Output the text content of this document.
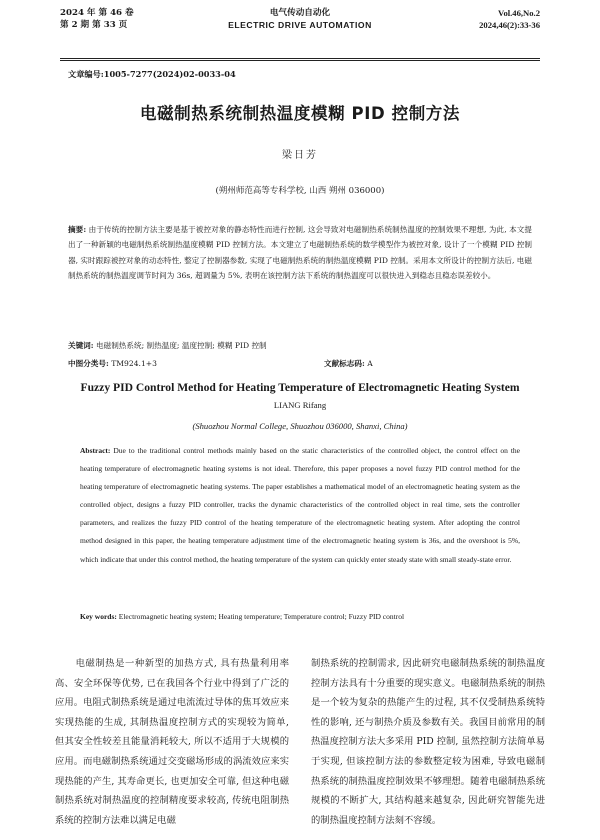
2024 年 第 46 卷
第 2 期 第 33 页
电气传动自动化
ELECTRIC DRIVE AUTOMATION
Vol.46,No.2
2024,46(2):33-36
文章编号:1005-7277(2024)02-0033-04
电磁制热系统制热温度模糊 PID 控制方法
梁日芳
(朔州师范高等专科学校, 山西 朔州 036000)
摘要: 由于传统的控制方法主要是基于被控对象的静态特性而进行控制, 这会导致对电磁制热系统制热温度的控制效果不理想, 为此, 本文提出了一种新颖的电磁制热系统制热温度模糊 PID 控制方法。本文建立了电磁制热系统的数学模型作为被控对象, 设计了一个模糊 PID 控制器, 实时跟踪被控对象的动态特性, 整定了控制器参数, 实现了电磁制热系统的制热温度模糊 PID 控制。采用本文所设计的控制方法后, 电磁制热系统的制热温度调节时间为 36s, 超调量为 5%, 表明在该控制方法下系统的制热温度可以很快进入到稳态且稳态误差较小。
关键词: 电磁制热系统; 制热温度; 温度控制; 模糊 PID 控制
中图分类号: TM924.1+3	文献标志码: A
Fuzzy PID Control Method for Heating Temperature of Electromagnetic Heating System
LIANG Rifang
(Shuozhou Normal College, Shuozhou 036000, Shanxi, China)
Abstract: Due to the traditional control methods mainly based on the static characteristics of the controlled object, the control effect on the heating temperature of electromagnetic heating systems is not ideal. Therefore, this paper proposes a novel fuzzy PID control method for the heating temperature of electromagnetic heating systems. The paper establishes a mathematical model of an electromagnetic heating system as the controlled object, designs a fuzzy PID controller, tracks the dynamic characteristics of the controlled object in real time, sets the controller parameters, and realizes the fuzzy PID control of the heating temperature of the electromagnetic heating system. After adopting the control method designed in this paper, the heating temperature adjustment time of the electromagnetic heating system is 36s, and the overshoot is 5%, which indicate that under this control method, the heating temperature of the system can quickly enter steady state with small steady-state error.
Key words: Electromagnetic heating system; Heating temperature; Temperature control; Fuzzy PID control
电磁制热是一种新型的加热方式, 具有热量利用率高、安全环保等优势, 已在我国各个行业中得到了广泛的应用。电阻式制热系统是通过电流流过导体的焦耳效应来实现热能的生成, 其制热温度控制方式的实现较为简单, 但其安全性较差且能量消耗较大, 所以不适用于大规模的应用。而电磁制热系统通过交变磁场形成的涡流效应来实现热能的产生, 其寿命更长, 也更加安全可靠, 但这种电磁制热系统对制热温度的控制精度要求较高, 传统电阻制热系统的控制方法难以满足电磁
制热系统的控制需求, 因此研究电磁制热系统的制热温度控制方法具有十分重要的现实意义。电磁制热系统的制热是一个较为复杂的热能产生的过程, 其不仅受制热系统特性的影响, 还与制热介质及参数有关。我国目前常用的制热温度控制方法大多采用 PID 控制, 虽然控制方法简单易于实现, 但该控制方法的参数整定较为困难, 导致电磁制热系统的制热温度控制效果不够理想。随着电磁制热系统规模的不断扩大, 其结构越来越复杂, 因此研究智能先进的制热温度控制方法刻不容缓。
